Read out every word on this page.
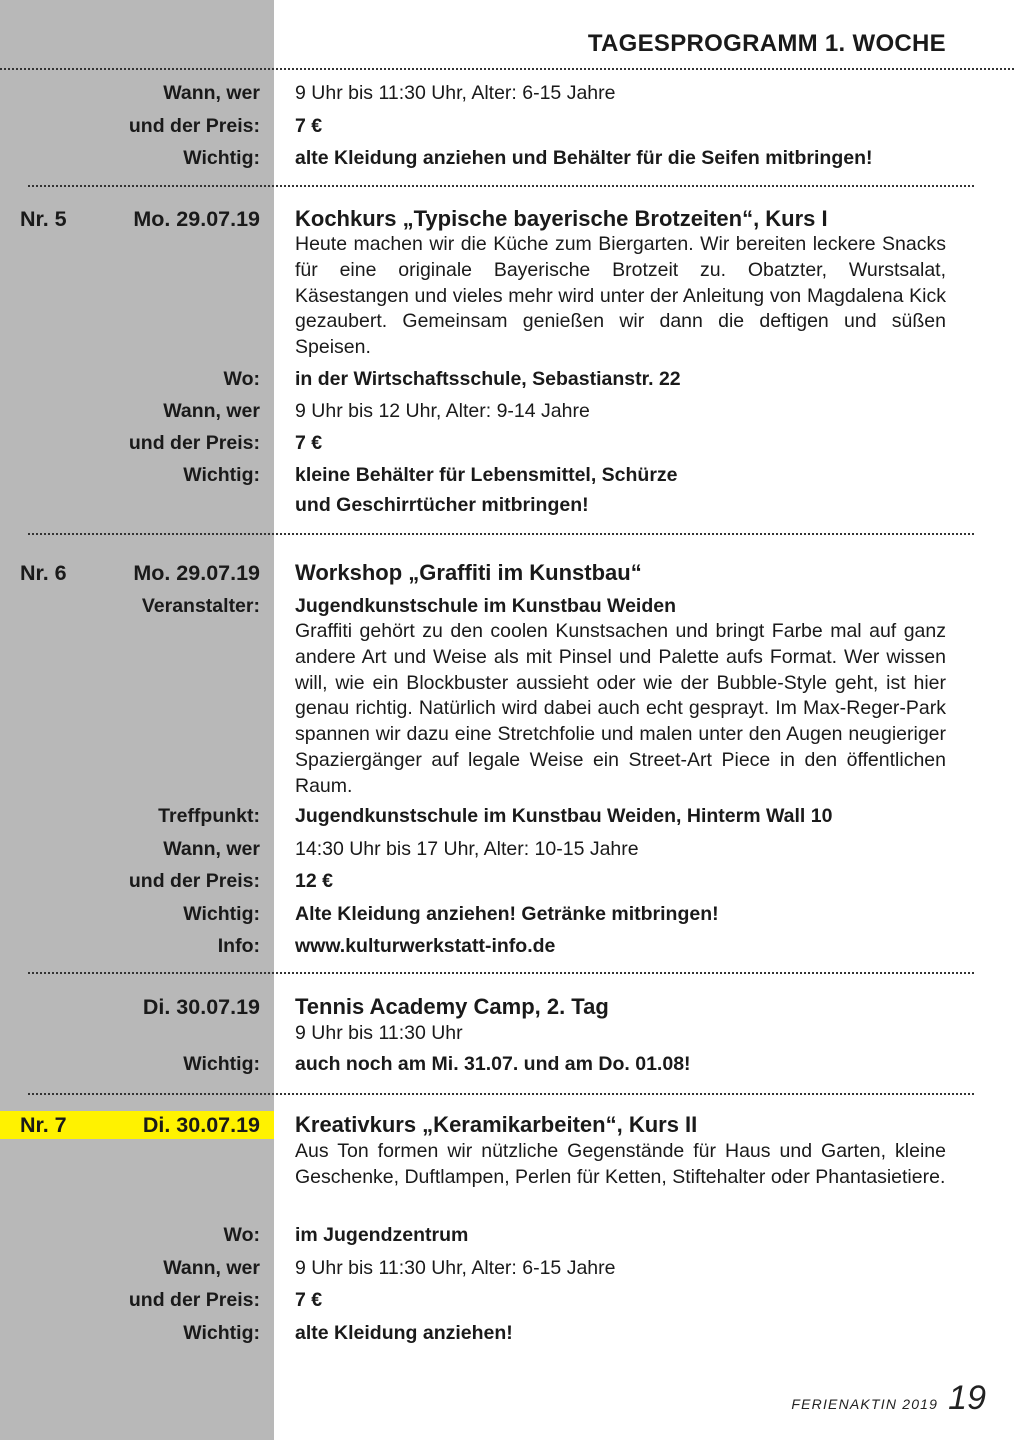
TAGESPROGRAMM 1. WOCHE
Wann, wer 9 Uhr bis 11:30 Uhr, Alter: 6-15 Jahre
und der Preis: 7 €
Wichtig: alte Kleidung anziehen und Behälter für die Seifen mitbringen!
Nr. 5	Mo. 29.07.19 Kochkurs „Typische bayerische Brotzeiten“, Kurs I
Heute machen wir die Küche zum Biergarten. Wir bereiten leckere Snacks für eine originale Bayerische Brotzeit zu. Obatzter, Wurstsalat, Käsestangen und vieles mehr wird unter der Anleitung von Magdalena Kick gezaubert. Gemeinsam genießen wir dann die deftigen und süßen Speisen.
Wo: in der Wirtschaftsschule, Sebastianstr. 22
Wann, wer 9 Uhr bis 12 Uhr, Alter: 9-14 Jahre
und der Preis: 7 €
Wichtig: kleine Behälter für Lebensmittel, Schürze
und Geschirrtücher mitbringen!
Nr. 6	Mo. 29.07.19 Workshop „Graffiti im Kunstbau“
Veranstalter: Jugendkunstschule im Kunstbau Weiden
Graffiti gehört zu den coolen Kunstsachen und bringt Farbe mal auf ganz andere Art und Weise als mit Pinsel und Palette aufs Format. Wer wissen will, wie ein Blockbuster aussieht oder wie der Bubble-Style geht, ist hier genau richtig. Natürlich wird dabei auch echt gesprayt. Im Max-Reger-Park spannen wir dazu eine Stretchfolie und malen unter den Augen neugieriger Spaziergänger auf legale Weise ein Street-Art Piece in den öffentlichen Raum.
Treffpunkt: Jugendkunstschule im Kunstbau Weiden, Hinterm Wall 10
Wann, wer 14:30 Uhr bis 17 Uhr, Alter: 10-15 Jahre
und der Preis: 12 €
Wichtig: Alte Kleidung anziehen! Getränke mitbringen!
Info: www.kulturwerkstatt-info.de
Di. 30.07.19 Tennis Academy Camp, 2. Tag
9 Uhr bis 11:30 Uhr
Wichtig: auch noch am Mi. 31.07. und am Do. 01.08!
Nr. 7	Di. 30.07.19 Kreativkurs „Keramikarbeiten“, Kurs II
Aus Ton formen wir nützliche Gegenstände für Haus und Garten, kleine Geschenke, Duftlampen, Perlen für Ketten, Stiftehalter oder Phantasietiere.
Wo: im Jugendzentrum
Wann, wer 9 Uhr bis 11:30 Uhr, Alter: 6-15 Jahre
und der Preis: 7 €
Wichtig: alte Kleidung anziehen!
FERIENAKTIN 2019 19
